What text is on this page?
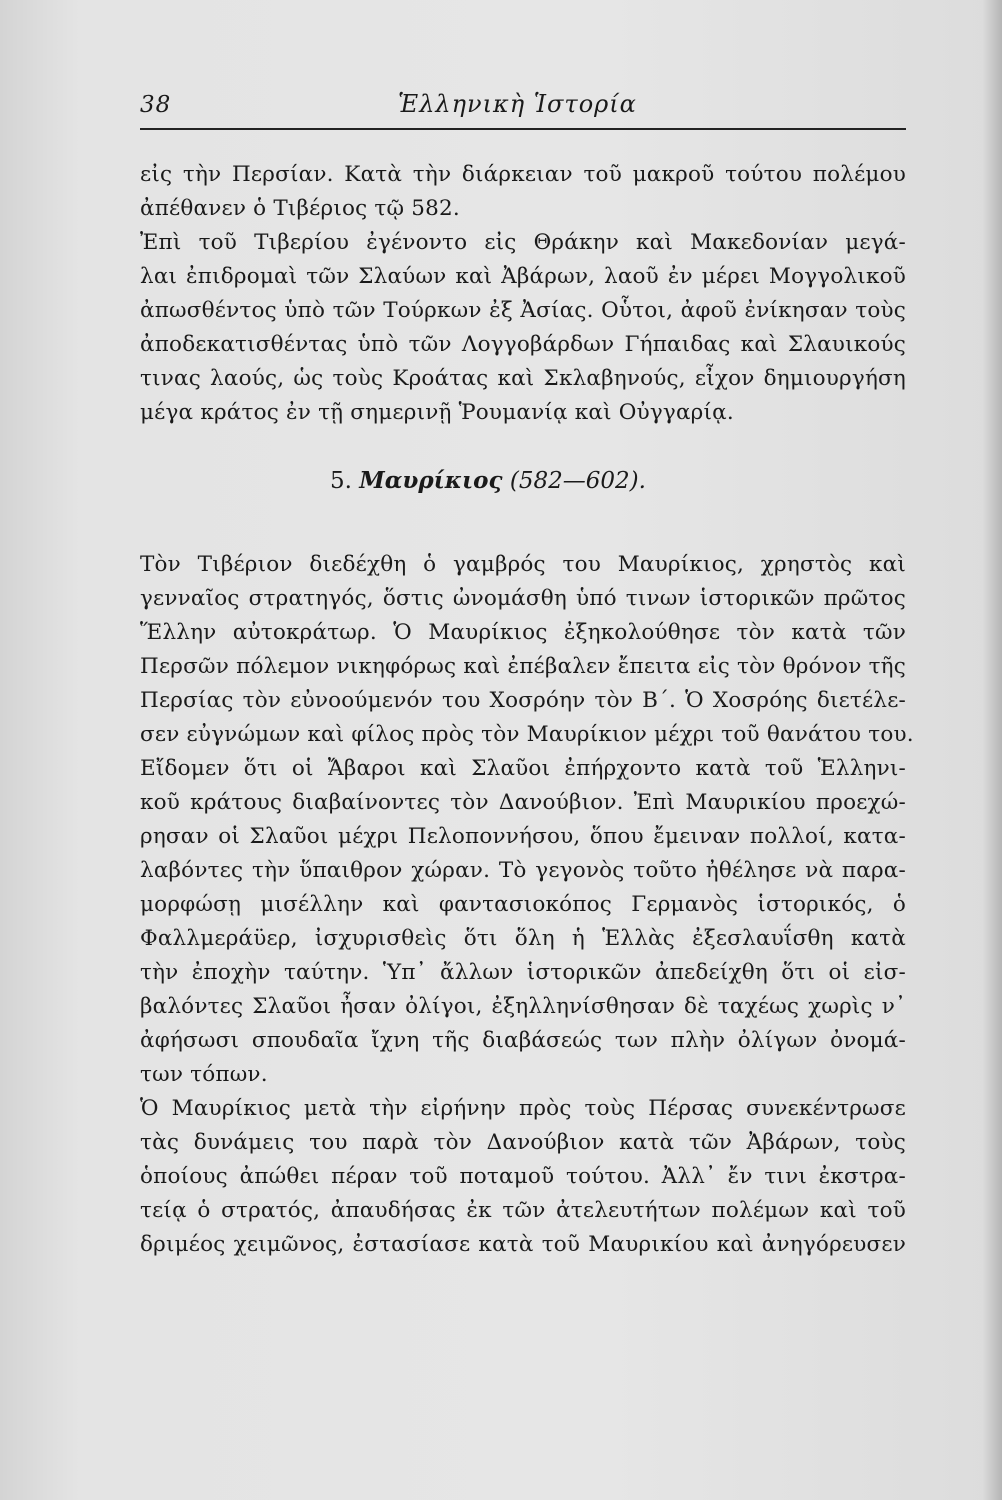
38	Ἑλληνικὴ Ἱστορία
εἰς τὴν Περσίαν. Κατὰ τὴν διάρκειαν τοῦ μακροῦ τούτου πολέμου
ἀπέθανεν ὁ Τιβέριος τῷ 582.
Ἐπὶ τοῦ Τιβερίου ἐγένοντο εἰς Θράκην καὶ Μακεδονίαν μεγά-
λαι ἐπιδρομαὶ τῶν Σλαύων καὶ Ἀβάρων, λαοῦ ἐν μέρει Μογγολικοῦ
ἀπωσθέντος ὑπὸ τῶν Τούρκων ἐξ Ἀσίας. Οὗτοι, ἀφοῦ ἐνίκησαν τοὺς
ἀποδεκατισθέντας ὑπὸ τῶν Λογγοβάρδων Γήπαιδας καὶ Σλαυικούς
τινας λαούς, ὡς τοὺς Κροάτας καὶ Σκλαβηνούς, εἶχον δημιουργήση
μέγα κράτος ἐν τῇ σημερινῇ Ῥουμανίᾳ καὶ Οὐγγαρίᾳ.
5. Μαυρίκιος (582—602).
Τὸν Τιβέριον διεδέχθη ὁ γαμβρός του Μαυρίκιος, χρηστὸς καὶ
γενναῖος στρατηγός, ὅστις ὠνομάσθη ὑπό τινων ἱστορικῶν πρῶτος
Ἕλλην αὐτοκράτωρ. Ὁ Μαυρίκιος ἐξηκολούθησε τὸν κατὰ τῶν
Περσῶν πόλεμον νικηφόρως καὶ ἐπέβαλεν ἔπειτα εἰς τὸν θρόνον τῆς
Περσίας τὸν εὐνοούμενόν του Χοσρόην τὸν Β΄. Ὁ Χοσρόης διετέλε-
σεν εὐγνώμων καὶ φίλος πρὸς τὸν Μαυρίκιον μέχρι τοῦ θανάτου του.
Εἴδομεν ὅτι οἱ Ἄβαροι καὶ Σλαῦοι ἐπήρχοντο κατὰ τοῦ Ἑλληνι-
κοῦ κράτους διαβαίνοντες τὸν Δανούβιον. Ἐπὶ Μαυρικίου προεχώ-
ρησαν οἱ Σλαῦοι μέχρι Πελοποννήσου, ὅπου ἔμειναν πολλοί, κατα-
λαβόντες τὴν ὕπαιθρον χώραν. Τὸ γεγονὸς τοῦτο ἠθέλησε νὰ παρα-
μορφώσῃ μισέλλην καὶ φαντασιοκόπος Γερμανὸς ἱστορικός, ὁ
Φαλλμεράϋερ, ἰσχυρισθεὶς ὅτι ὅλη ἡ Ἑλλὰς ἐξεσλαυΐσθη κατὰ
τὴν ἐποχὴν ταύτην. Ὑπ᾿ ἄλλων ἱστορικῶν ἀπεδείχθη ὅτι οἱ εἰσ-
βαλόντες Σλαῦοι ἦσαν ὀλίγοι, ἐξηλληνίσθησαν δὲ ταχέως χωρὶς ν᾿
ἀφήσωσι σπουδαῖα ἴχνη τῆς διαβάσεώς των πλὴν ὀλίγων ὀνομά-
των τόπων.
Ὁ Μαυρίκιος μετὰ τὴν εἰρήνην πρὸς τοὺς Πέρσας συνεκέντρωσε
τὰς δυνάμεις του παρὰ τὸν Δανούβιον κατὰ τῶν Ἀβάρων, τοὺς
ὁποίους ἀπώθει πέραν τοῦ ποταμοῦ τούτου. Ἀλλ᾿ ἔν τινι ἐκστρα-
τείᾳ ὁ στρατός, ἀπαυδήσας ἐκ τῶν ἀτελευτήτων πολέμων καὶ τοῦ
δριμέος χειμῶνος, ἐστασίασε κατὰ τοῦ Μαυρικίου καὶ ἀνηγόρευσεν
